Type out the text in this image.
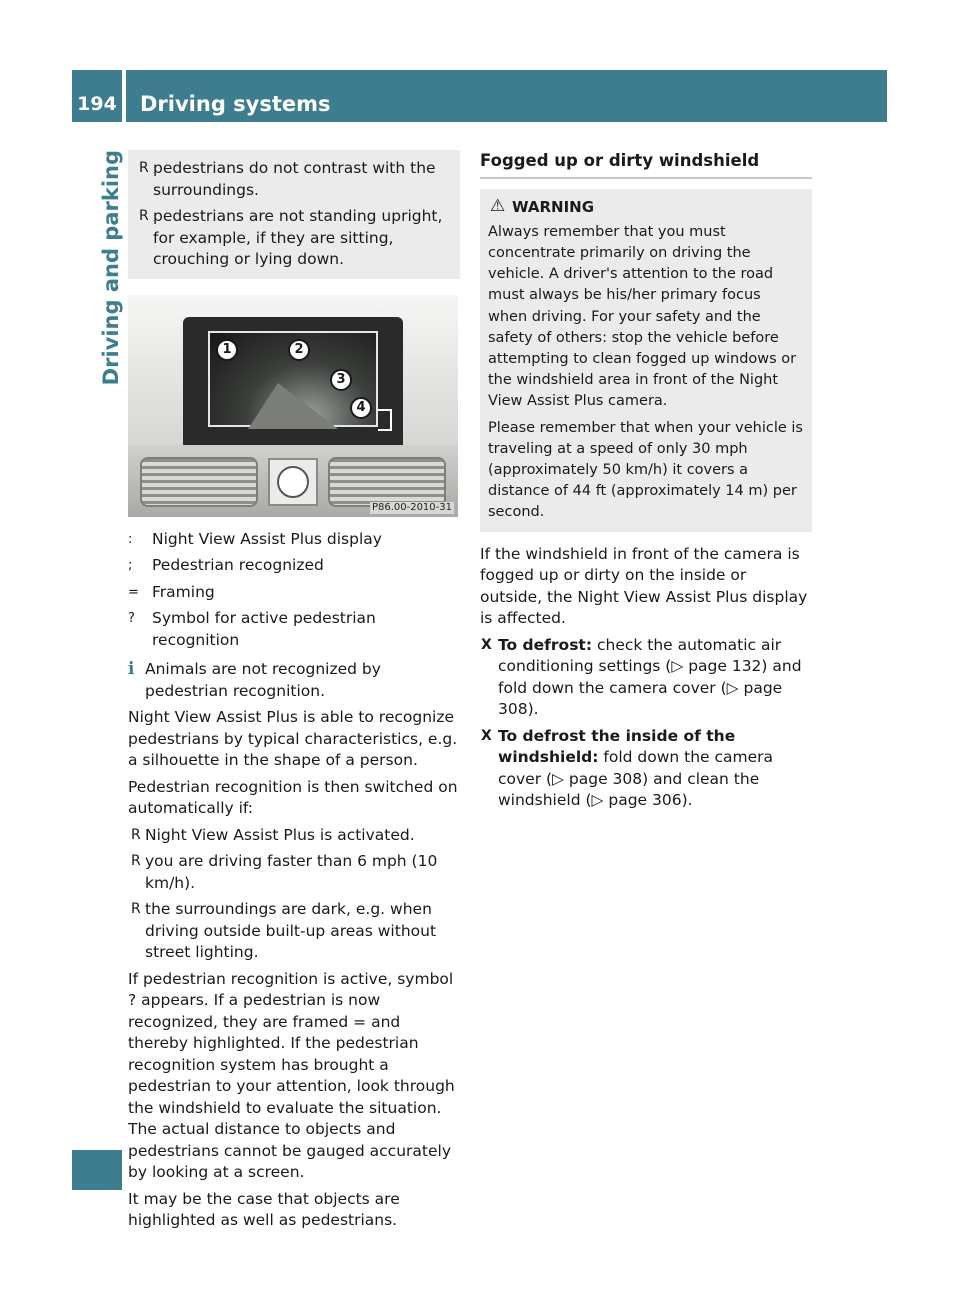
194 Driving systems
Driving and parking R pedestrians do not contrast with the surroundings.
R pedestrians are not standing upright, for example, if they are sitting, crouching or lying down.
1	2
3
4
P86.00-2010-31
: Night View Assist Plus display
; Pedestrian recognized
= Framing
? Symbol for active pedestrian recognition
i Animals are not recognized by pedestrian recognition.

Night View Assist Plus is able to recognize pedestrians by typical characteristics, e.g. a silhouette in the shape of a person.

Pedestrian recognition is then switched on automatically if:

R Night View Assist Plus is activated.
R you are driving faster than 6 mph (10 km/h).
R the surroundings are dark, e.g. when driving outside built-up areas without street lighting.

If pedestrian recognition is active, symbol ? appears. If a pedestrian is now recognized, they are framed = and thereby highlighted. If the pedestrian recognition system has brought a pedestrian to your attention, look through the windshield to evaluate the situation. The actual distance to objects and pedestrians cannot be gauged accurately by looking at a screen.

It may be the case that objects are highlighted as well as pedestrians.

Fogged up or dirty windshield
⚠ WARNING

Always remember that you must concentrate primarily on driving the vehicle. A driver's attention to the road must always be his/her primary focus when driving. For your safety and the safety of others: stop the vehicle before attempting to clean fogged up windows or the windshield area in front of the Night View Assist Plus camera.

Please remember that when your vehicle is traveling at a speed of only 30 mph (approximately 50 km/h) it covers a distance of 44 ft (approximately 14 m) per second.

If the windshield in front of the camera is fogged up or dirty on the inside or outside, the Night View Assist Plus display is affected.

X To defrost: check the automatic air conditioning settings (▷ page 132) and fold down the camera cover (▷ page 308).
X To defrost the inside of the windshield: fold down the camera cover (▷ page 308) and clean the windshield (▷ page 306).
